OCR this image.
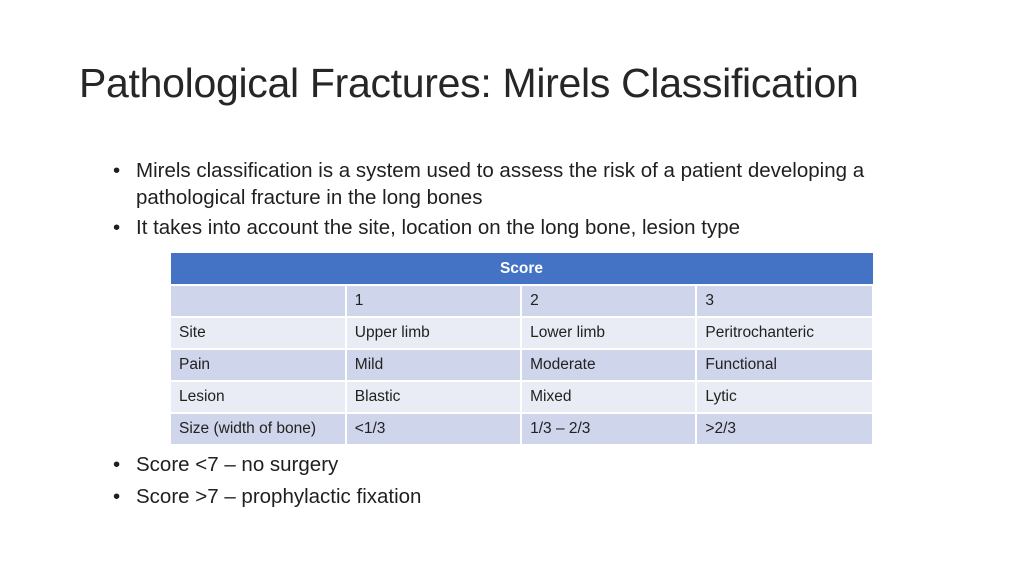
Pathological Fractures: Mirels Classification
• Mirels classification is a system used to assess the risk of a patient developing a pathological fracture in the long bones
• It takes into account the site, location on the long bone, lesion type
Score			
	1	2	3
Site	Upper limb	Lower limb	Peritrochanteric
Pain	Mild	Moderate	Functional
Lesion	Blastic	Mixed	Lytic
Size (width of bone)	<1/3	1/3 – 2/3	>2/3
• Score <7 – no surgery
• Score >7 – prophylactic fixation
